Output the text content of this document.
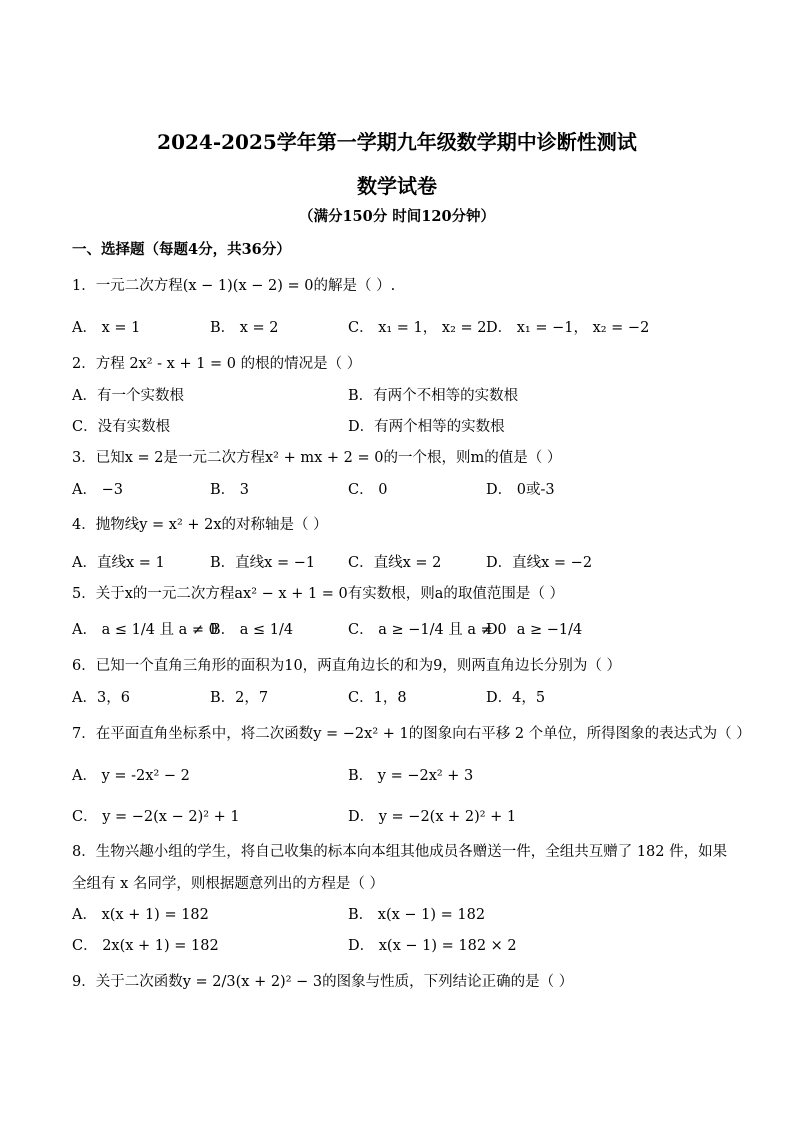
2024-2025学年第一学期九年级数学期中诊断性测试
数学试卷
（满分150分 时间120分钟）
一、选择题（每题4分，共36分）
1．一元二次方程(x − 1)(x − 2) = 0的解是（ ）.
A． x = 1	B． x = 2	C． x₁ = 1， x₂ = 2 D． x₁ = −1， x₂ = −2
2．方程 2x² - x + 1 = 0 的根的情况是（ ）
A．有一个实数根	B．有两个不相等的实数根
C．没有实数根	D．有两个相等的实数根
3．已知x = 2是一元二次方程x² + mx + 2 = 0的一个根，则m的值是（ ）
A． −3	B． 3	C． 0	D． 0或-3
4．抛物线y = x² + 2x的对称轴是（ ）
A．直线x = 1	B．直线x = −1 C．直线x = 2	D．直线x = −2
5．关于x的一元二次方程ax² − x + 1 = 0有实数根，则a的取值范围是（ ）
A． a ≤ 1/4 且 a ≠ 0
B． a ≤ 1/4	C． a ≥ −1/4 且 a ≠ 0
D． a ≥ −1/4
6．已知一个直角三角形的面积为10，两直角边长的和为9，则两直角边长分别为（ ）
A．3，6	B．2，7	C．1，8	D．4，5
7．在平面直角坐标系中，将二次函数y = −2x² + 1的图象向右平移 2 个单位，所得图象的表达式为（ ）
A． y = -2x² − 2	B． y = −2x² + 3
C． y = −2(x − 2)² + 1	D． y = −2(x + 2)² + 1
8．生物兴趣小组的学生，将自己收集的标本向本组其他成员各赠送一件，全组共互赠了 182 件，如果全组有 x 名同学，则根据题意列出的方程是（ ）
A． x(x + 1) = 182	B． x(x − 1) = 182
C． 2x(x + 1) = 182	D． x(x − 1) = 182 × 2
9．关于二次函数y = 2/3(x + 2)² − 3的图象与性质，下列结论正确的是（ ）
